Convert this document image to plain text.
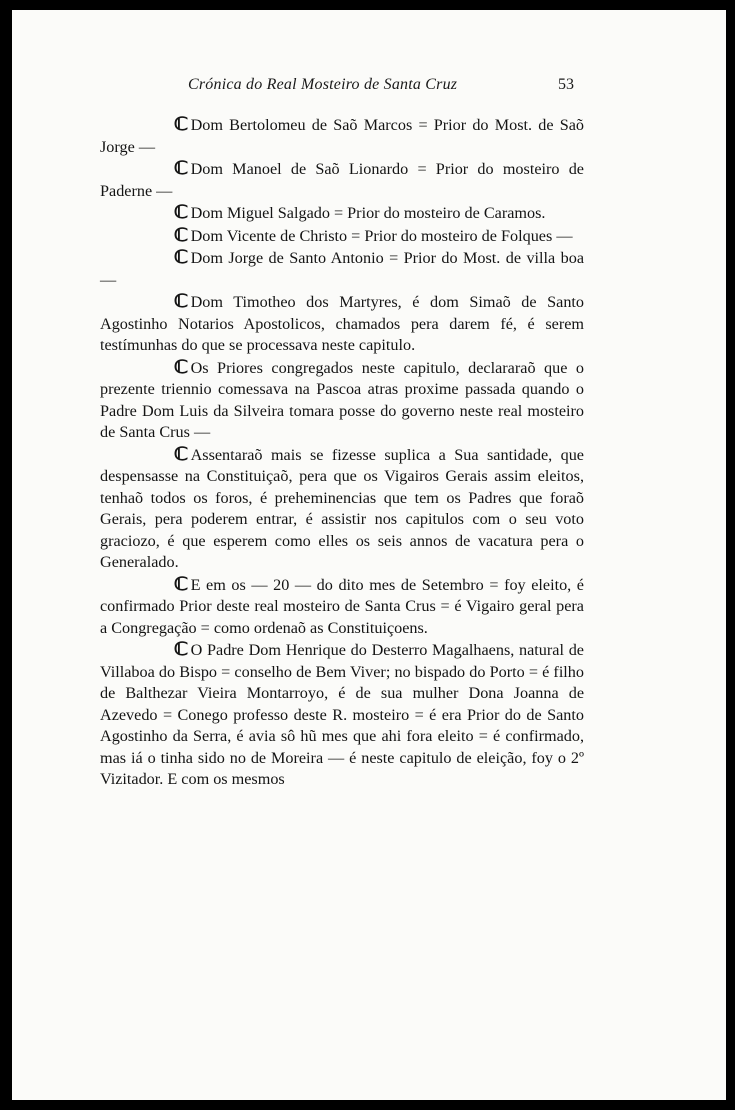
Crónica do Real Mosteiro de Santa Cruz	53

ℂ Dom Bertolomeu de Saõ Marcos = Prior do Most. de Saõ Jorge —

ℂ Dom Manoel de Saõ Lionardo = Prior do mosteiro de Paderne —

ℂ Dom Miguel Salgado = Prior do mosteiro de Caramos.

ℂ Dom Vicente de Christo = Prior do mosteiro de Folques —

ℂ Dom Jorge de Santo Antonio = Prior do Most. de villa boa —

ℂ Dom Timotheo dos Martyres, é dom Simaõ de Santo Agostinho Notarios Apostolicos, chamados pera darem fé, é serem testímunhas do que se processava neste capitulo.

ℂ Os Priores congregados neste capitulo, declararaõ que o prezente triennio comessava na Pascoa atras proxime passada quando o Padre Dom Luis da Silveira tomara posse do governo neste real mosteiro de Santa Crus —

ℂ Assentaraõ mais se fizesse suplica a Sua santidade, que despensasse na Constituiçaõ, pera que os Vigairos Gerais assim eleitos, tenhaõ todos os foros, é preheminencias que tem os Padres que foraõ Gerais, pera poderem entrar, é assistir nos capitulos com o seu voto graciozo, é que esperem como elles os seis annos de vacatura pera o Generalado.

ℂ E em os — 20 — do dito mes de Setembro = foy eleito, é confirmado Prior deste real mosteiro de Santa Crus = é Vigairo geral pera a Congregação = como ordenaõ as Constituiçoens.

ℂ O Padre Dom Henrique do Desterro Magalhaens, natural de Villaboa do Bispo = conselho de Bem Viver; no bispado do Porto = é filho de Balthezar Vieira Montarroyo, é de sua mulher Dona Joanna de Azevedo = Conego professo deste R. mosteiro = é era Prior do de Santo Agostinho da Serra, é avia sô hũ mes que ahi fora eleito = é confirmado, mas iá o tinha sido no de Moreira — é neste capitulo de eleição, foy o 2º Vizitador. E com os mesmos
